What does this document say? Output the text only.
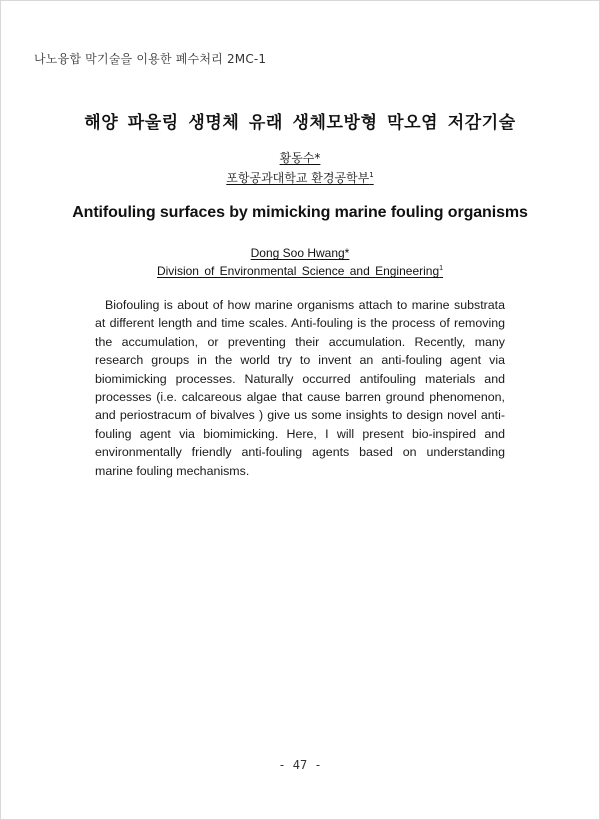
나노융합 막기술을 이용한 폐수처리 2MC-1
해양 파울링 생명체 유래 생체모방형 막오염 저감기술
황동수*
포항공과대학교 환경공학부$^1$
Antifouling surfaces by mimicking marine fouling organisms
Dong Soo Hwang*
Division of Environmental Science and Engineering$^1$

Biofouling is about of how marine organisms attach to marine substrata at different length and time scales. Anti-fouling is the process of removing the accumulation, or preventing their accumulation. Recently, many research groups in the world try to invent an anti-fouling agent via biomimicking processes. Naturally occurred antifouling materials and processes (i.e. calcareous algae that cause barren ground phenomenon, and periostracum of bivalves ) give us some insights to design novel anti-fouling agent via biomimicking. Here, I will present bio-inspired and environmentally friendly anti-fouling agents based on understanding marine fouling mechanisms.

- 47 -
